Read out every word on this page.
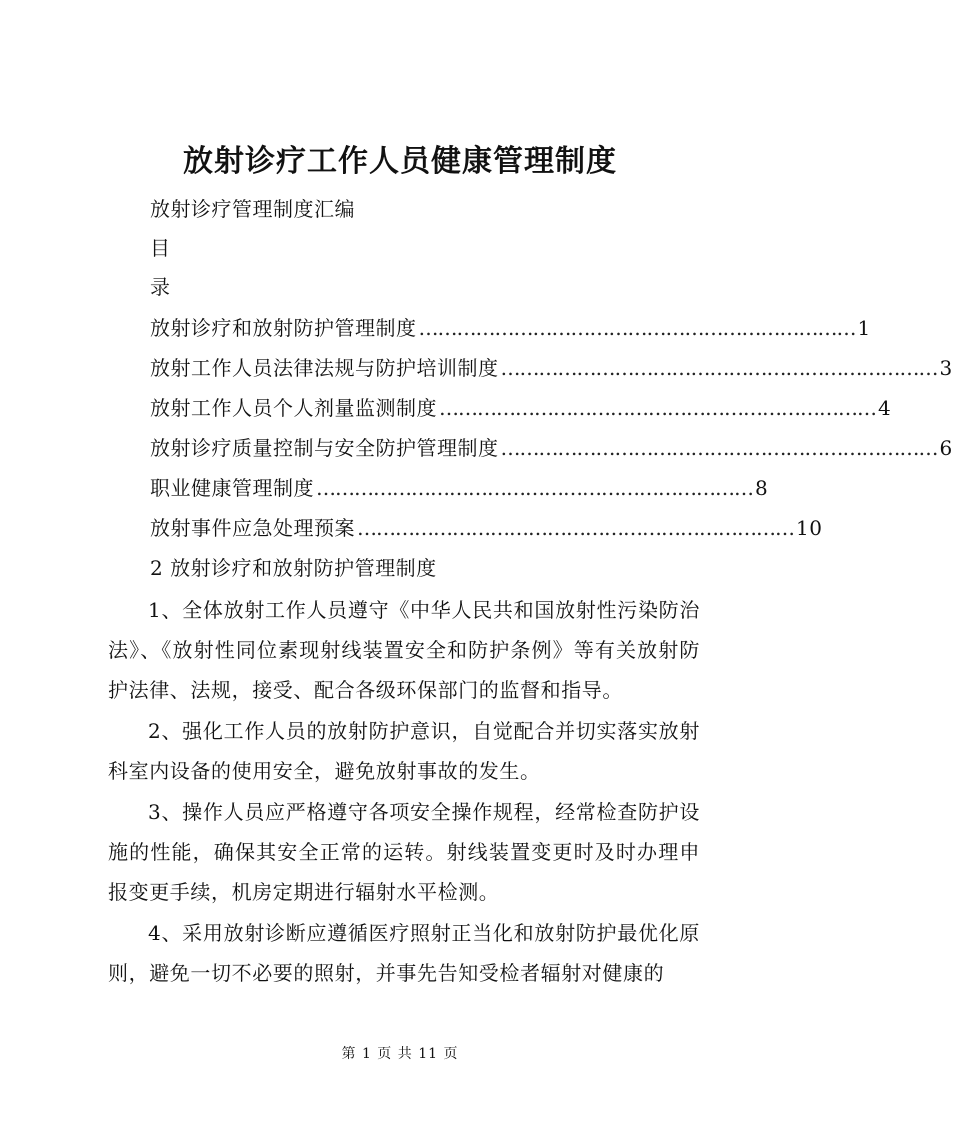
放射诊疗工作人员健康管理制度
放射诊疗管理制度汇编
目
录
放射诊疗和放射防护管理制度 …………………………………………………………… 1
放射工作人员法律法规与防护培训制度 …………………………………………………………… 3
放射工作人员个人剂量监测制度 …………………………………………………………… 4
放射诊疗质量控制与安全防护管理制度 …………………………………………………………… 6
职业健康管理制度 …………………………………………………………… 8
放射事件应急处理预案 …………………………………………………………… 10
2 放射诊疗和放射防护管理制度
1、全体放射工作人员遵守《中华人民共和国放射性污染防治法》、《放射性同位素现射线装置安全和防护条例》等有关放射防护法律、法规，接受、配合各级环保部门的监督和指导。
2、强化工作人员的放射防护意识，自觉配合并切实落实放射科室内设备的使用安全，避免放射事故的发生。
3、操作人员应严格遵守各项安全操作规程，经常检查防护设施的性能，确保其安全正常的运转。射线装置变更时及时办理申报变更手续，机房定期进行辐射水平检测。
4、采用放射诊断应遵循医疗照射正当化和放射防护最优化原则，避免一切不必要的照射，并事先告知受检者辐射对健康的
第 1 页 共 11 页
